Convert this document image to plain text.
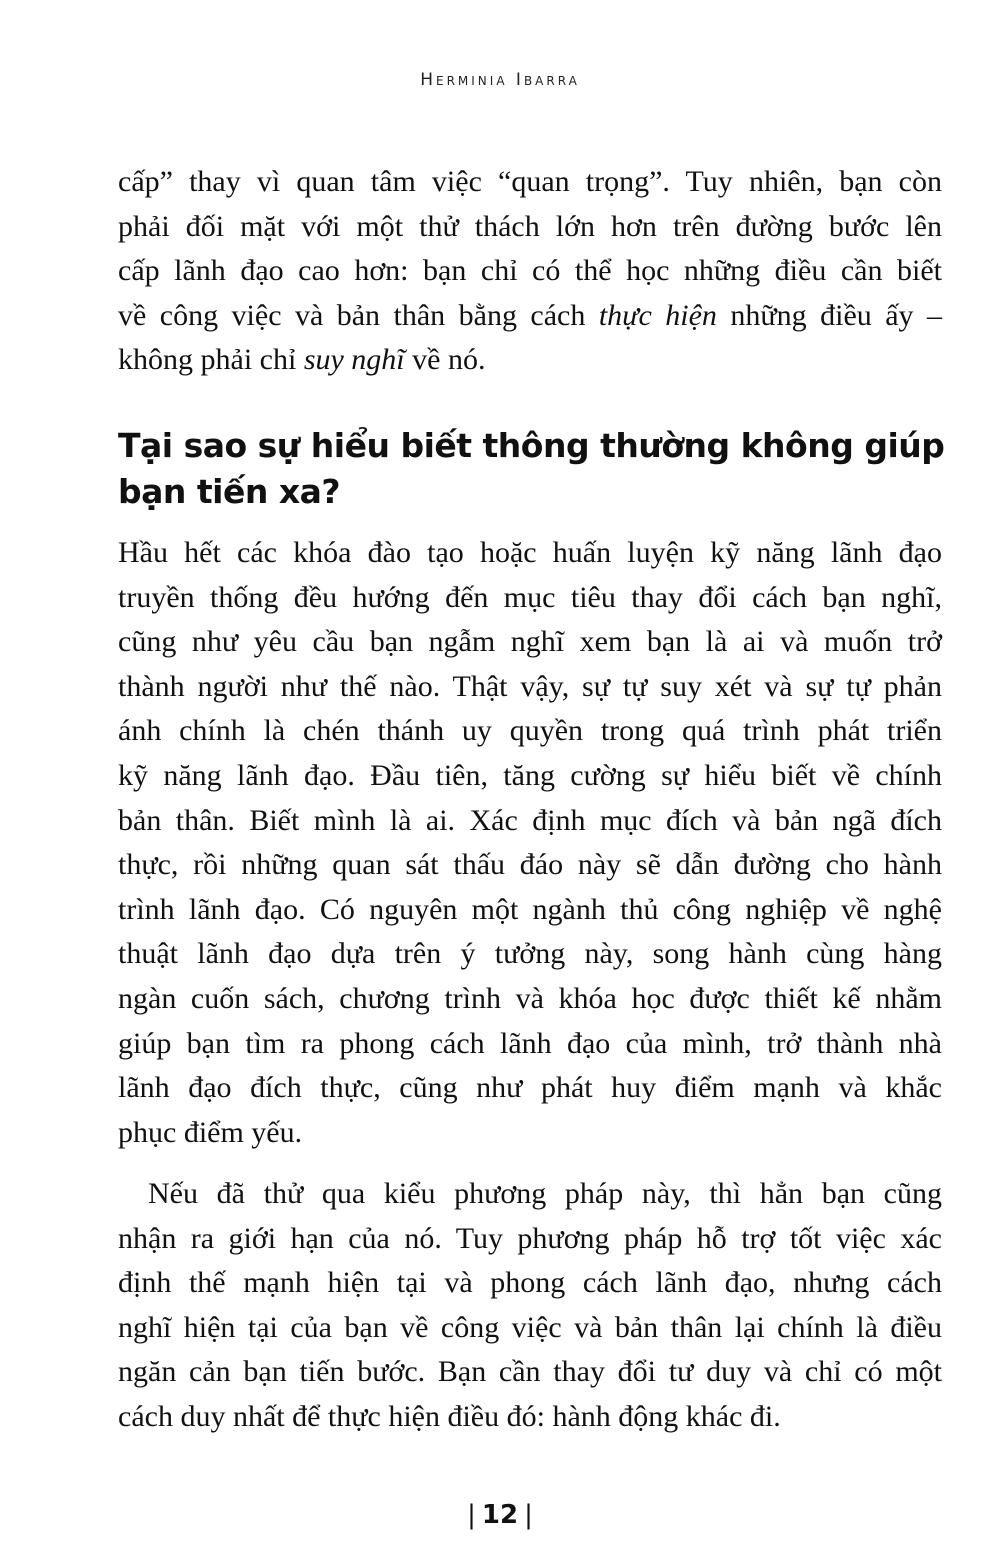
Herminia Ibarra
cấp” thay vì quan tâm việc “quan trọng”. Tuy nhiên, bạn còn
phải đối mặt với một thử thách lớn hơn trên đường bước lên
cấp lãnh đạo cao hơn: bạn chỉ có thể học những điều cần biết
về công việc và bản thân bằng cách thực hiện những điều ấy –
không phải chỉ suy nghĩ về nó.
Tại sao sự hiểu biết thông thường không giúp
bạn tiến xa?
Hầu hết các khóa đào tạo hoặc huấn luyện kỹ năng lãnh đạo
truyền thống đều hướng đến mục tiêu thay đổi cách bạn nghĩ,
cũng như yêu cầu bạn ngẫm nghĩ xem bạn là ai và muốn trở
thành người như thế nào. Thật vậy, sự tự suy xét và sự tự phản
ánh chính là chén thánh uy quyền trong quá trình phát triển
kỹ năng lãnh đạo. Đầu tiên, tăng cường sự hiểu biết về chính
bản thân. Biết mình là ai. Xác định mục đích và bản ngã đích
thực, rồi những quan sát thấu đáo này sẽ dẫn đường cho hành
trình lãnh đạo. Có nguyên một ngành thủ công nghiệp về nghệ
thuật lãnh đạo dựa trên ý tưởng này, song hành cùng hàng
ngàn cuốn sách, chương trình và khóa học được thiết kế nhằm
giúp bạn tìm ra phong cách lãnh đạo của mình, trở thành nhà
lãnh đạo đích thực, cũng như phát huy điểm mạnh và khắc
phục điểm yếu.
Nếu đã thử qua kiểu phương pháp này, thì hẳn bạn cũng
nhận ra giới hạn của nó. Tuy phương pháp hỗ trợ tốt việc xác
định thế mạnh hiện tại và phong cách lãnh đạo, nhưng cách
nghĩ hiện tại của bạn về công việc và bản thân lại chính là điều
ngăn cản bạn tiến bước. Bạn cần thay đổi tư duy và chỉ có một
cách duy nhất để thực hiện điều đó: hành động khác đi.
| 12 |
